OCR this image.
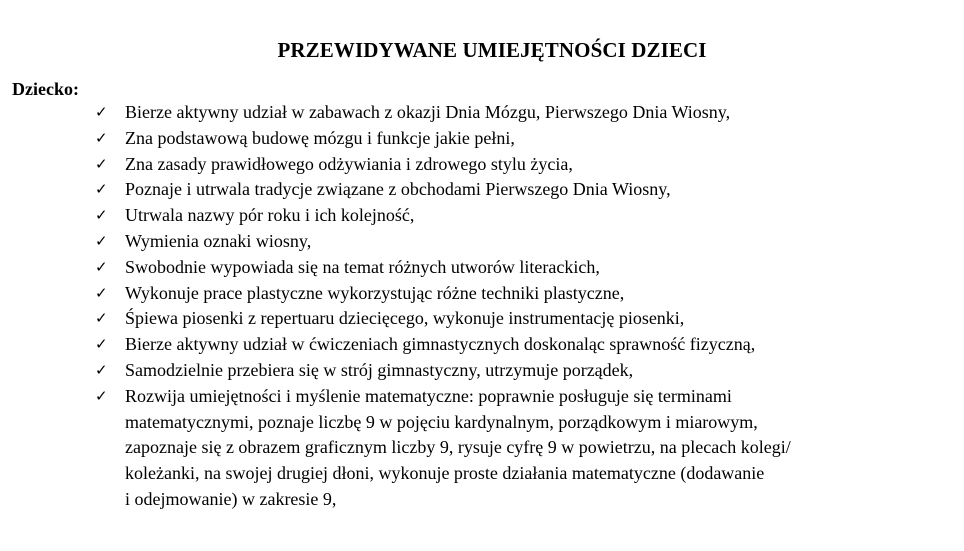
PRZEWIDYWANE UMIEJĘTNOŚCI DZIECI
Dziecko:
✓ Bierze aktywny udział w zabawach z okazji Dnia Mózgu, Pierwszego Dnia Wiosny,
✓ Zna podstawową budowę mózgu i funkcje jakie pełni,
✓ Zna zasady prawidłowego odżywiania i zdrowego stylu życia,
✓ Poznaje i utrwala tradycje związane z obchodami Pierwszego Dnia Wiosny,
✓ Utrwala nazwy pór roku i ich kolejność,
✓ Wymienia oznaki wiosny,
✓ Swobodnie wypowiada się na temat różnych utworów literackich,
✓ Wykonuje prace plastyczne wykorzystując różne techniki plastyczne,
✓ Śpiewa piosenki z repertuaru dziecięcego, wykonuje instrumentację piosenki,
✓ Bierze aktywny udział w ćwiczeniach gimnastycznych doskonaląc sprawność fizyczną,
✓ Samodzielnie przebiera się w strój gimnastyczny, utrzymuje porządek,
✓ Rozwija umiejętności i myślenie matematyczne: poprawnie posługuje się terminami
matematycznymi, poznaje liczbę 9 w pojęciu kardynalnym, porządkowym i miarowym,
zapoznaje się z obrazem graficznym liczby 9, rysuje cyfrę 9 w powietrzu, na plecach kolegi/
koleżanki, na swojej drugiej dłoni, wykonuje proste działania matematyczne (dodawanie
i odejmowanie) w zakresie 9,
